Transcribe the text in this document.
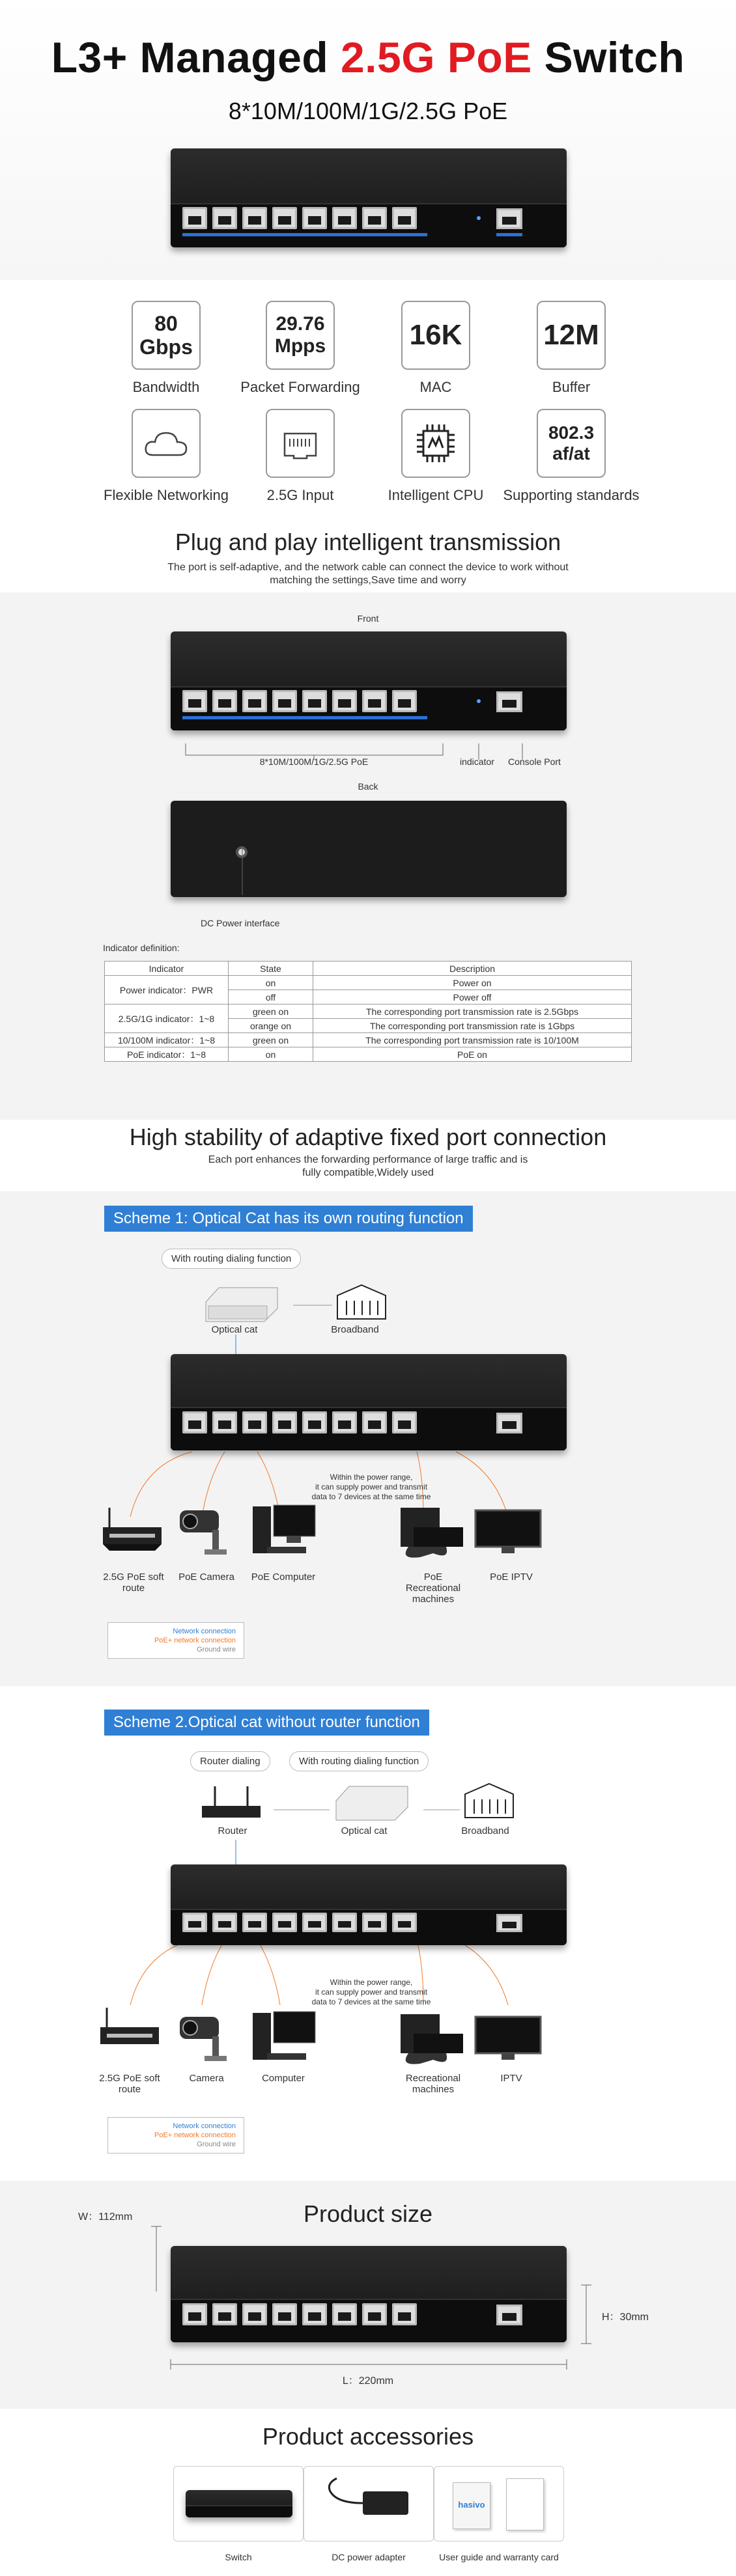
L3+ Managed 2.5G PoE Switch
8*10M/100M/1G/2.5G PoE
80 Gbps
Bandwidth
29.76 Mpps
Packet Forwarding
16K
MAC
12M
Buffer
Flexible Networking	2.5G Input	Intelligent CPU
802.3 af/at
Supporting standards
Plug and play intelligent transmission
The port is self-adaptive, and the network cable can connect the device to work without
matching the settings,Save time and worry
Front
8*10M/100M/1G/2.5G PoE	indicator Console Port
Back
DC Power interface
Indicator definition:
Indicator	State	Description
Power indicator：PWR	on	Power on
	off	Power off
2.5G/1G indicator：1~8	green on	The corresponding port transmission rate is 2.5Gbps
	orange on	The corresponding port transmission rate is 1Gbps
10/100M indicator：1~8	green on	The corresponding port transmission rate is 10/100M
PoE indicator：1~8	on	PoE on
High stability of adaptive fixed port connection
Each port enhances the forwarding performance of large traffic and is
fully compatible,Widely used
Scheme 1: Optical Cat has its own routing function
With routing dialing function
Optical cat	Broadband
Within the power range,
it can supply power and transmit
data to 7 devices at the same time
2.5G PoE soft route
PoE Camera	PoE Computer	PoE Recreational machines
PoE IPTV
Network connection
PoE+ network connection
Ground wire
Scheme 2.Optical cat without router function
Router dialing	With routing dialing function
Router	Optical cat	Broadband
Within the power range,
it can supply power and transmit
data to 7 devices at the same time
2.5G PoE soft route
Camera	Computer	Recreational machines
IPTV
Network connection
PoE+ network connection
Ground wire
Product size
W：112mm
H：30mm
L：220mm
Product accessories
hasivo
Switch	DC power adapter	User guide and warranty card
